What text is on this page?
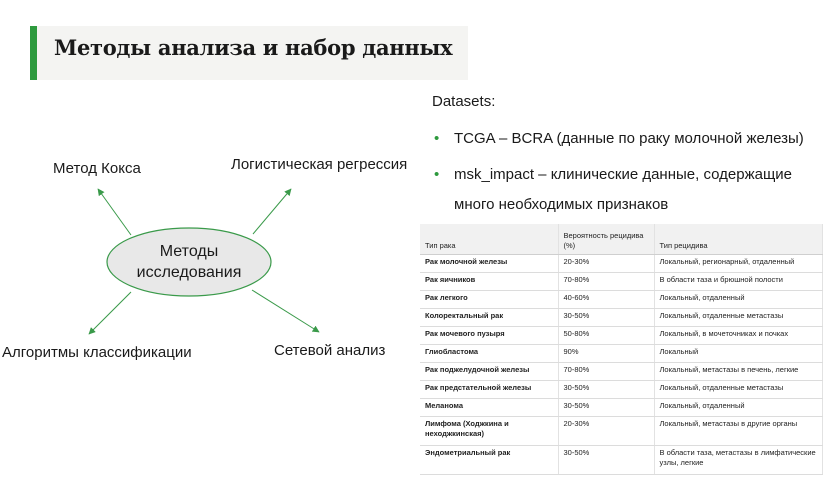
Методы анализа и набор данных
Методы
исследования
Метод Кокса	Логистическая регрессия
Алгоритмы классификации	Сетевой анализ
Datasets:
• TCGA – BCRA (данные по раку молочной железы)
• msk_impact – клинические данные, содержащие много необходимых признаков
Тип рака	Вероятность рецидива (%)	Тип рецидива
Рак молочной железы	20-30%	Локальный, регионарный, отдаленный
Рак яичников	70-80%	В области таза и брюшной полости
Рак легкого	40-60%	Локальный, отдаленный
Колоректальный рак	30-50%	Локальный, отдаленные метастазы
Рак мочевого пузыря	50-80%	Локальный, в мочеточниках и почках
Глиобластома	90%	Локальный
Рак поджелудочной железы	70-80%	Локальный, метастазы в печень, легкие
Рак предстательной железы	30-50%	Локальный, отдаленные метастазы
Меланома	30-50%	Локальный, отдаленный
Лимфома (Ходжкина и неходжкинская)	20-30%	Локальный, метастазы в другие органы
Эндометриальный рак	30-50%	В области таза, метастазы в лимфатические узлы, легкие
